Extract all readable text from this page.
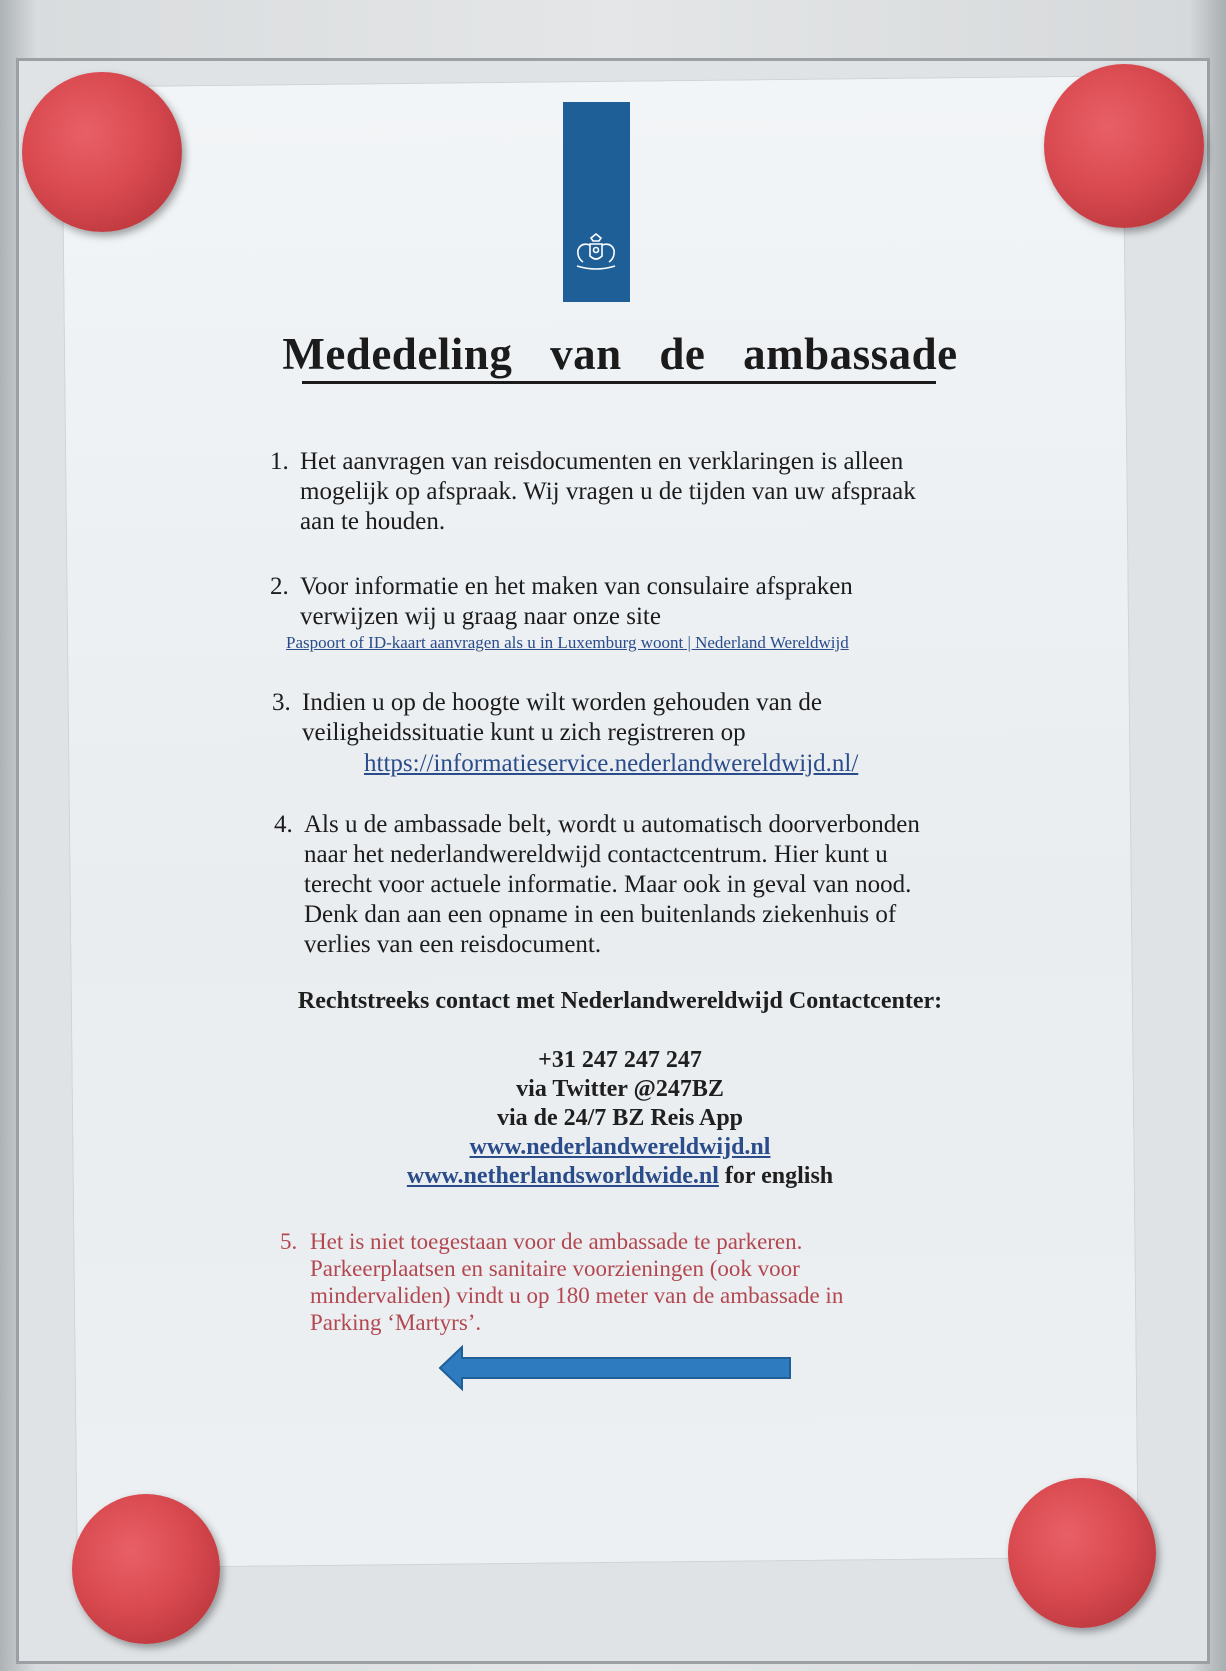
Mededeling van de ambassade
1. Het aanvragen van reisdocumenten en verklaringen is alleen
mogelijk op afspraak. Wij vragen u de tijden van uw afspraak
aan te houden.
2. Voor informatie en het maken van consulaire afspraken
verwijzen wij u graag naar onze site
Paspoort of ID-kaart aanvragen als u in Luxemburg woont | Nederland Wereldwijd
3. Indien u op de hoogte wilt worden gehouden van de
veiligheidssituatie kunt u zich registreren op
https://informatieservice.nederlandwereldwijd.nl/
4. Als u de ambassade belt, wordt u automatisch doorverbonden
naar het nederlandwereldwijd contactcentrum. Hier kunt u
terecht voor actuele informatie. Maar ook in geval van nood.
Denk dan aan een opname in een buitenlands ziekenhuis of
verlies van een reisdocument.
Rechtstreeks contact met Nederlandwereldwijd Contactcenter:
+31 247 247 247
via Twitter @247BZ
via de 24/7 BZ Reis App
www.nederlandwereldwijd.nl
www.netherlandsworldwide.nl for english
5. Het is niet toegestaan voor de ambassade te parkeren.
Parkeerplaatsen en sanitaire voorzieningen (ook voor
mindervaliden) vindt u op 180 meter van de ambassade in
Parking ‘Martyrs’.
